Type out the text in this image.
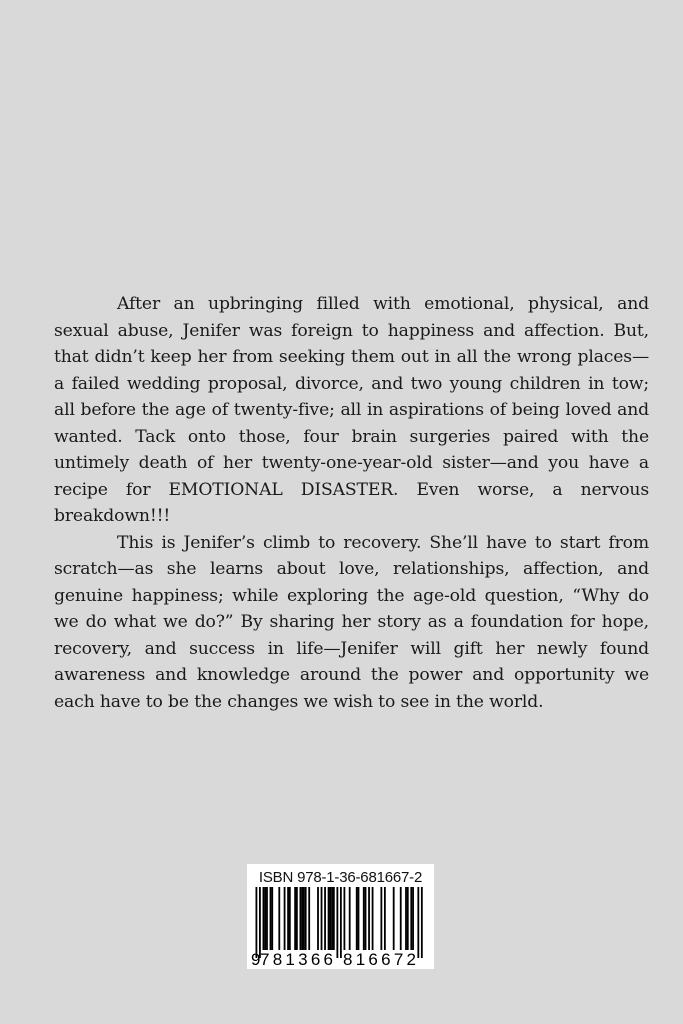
After an upbringing filled with emotional, physical, and sexual abuse, Jenifer was foreign to happiness and affection. But, that didn’t keep her from seeking them out in all the wrong places—a failed wedding proposal, divorce, and two young children in tow; all before the age of twenty-five; all in aspirations of being loved and wanted. Tack onto those, four brain surgeries paired with the untimely death of her twenty-one-year-old sister—and you have a recipe for EMOTIONAL DISASTER. Even worse, a nervous breakdown!!!

This is Jenifer’s climb to recovery. She’ll have to start from scratch—as she learns about love, relationships, affection, and genuine happiness; while exploring the age-old question, “Why do we do what we do?” By sharing her story as a foundation for hope, recovery, and success in life—Jenifer will gift her newly found awareness and knowledge around the power and opportunity we each have to be the changes we wish to see in the world.

ISBN 978-1-36-681667-2
9 781366 816672
